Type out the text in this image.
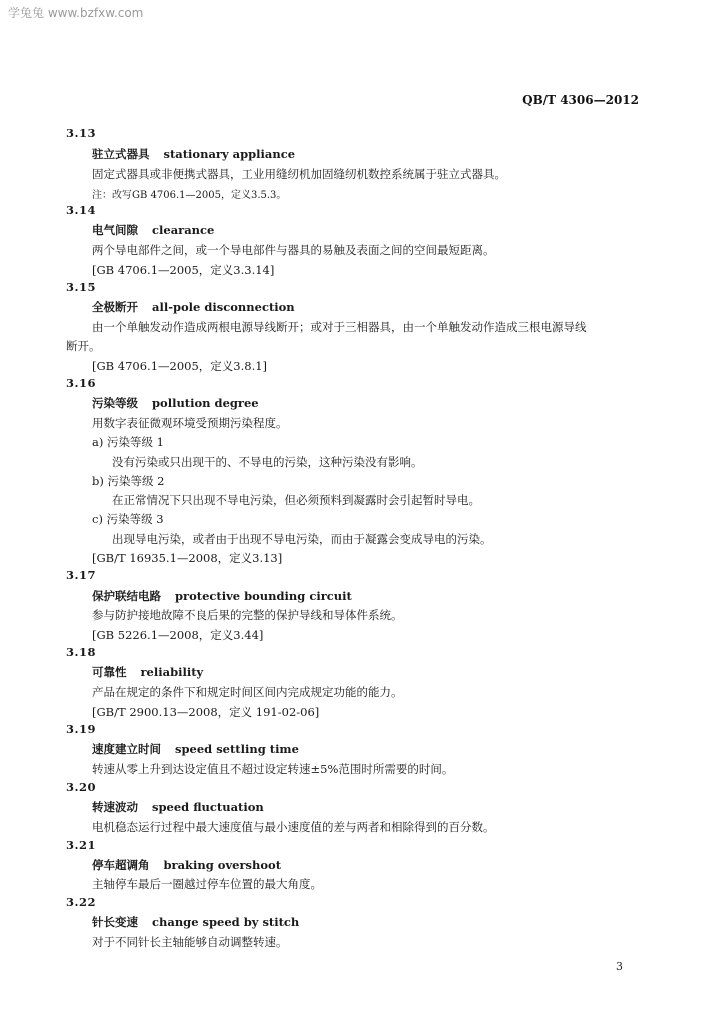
学兔兔 www.bzfxw.com
QB/T 4306—2012
3.13
驻立式器具 stationary appliance
固定式器具或非便携式器具，工业用缝纫机加固缝纫机数控系统属于驻立式器具。
注：改写GB 4706.1—2005，定义3.5.3。
3.14
电气间隙 clearance
两个导电部件之间，或一个导电部件与器具的易触及表面之间的空间最短距离。
[GB 4706.1—2005，定义3.3.14]
3.15
全极断开 all-pole disconnection
由一个单触发动作造成两根电源导线断开；或对于三相器具，由一个单触发动作造成三根电源导线
断开。
[GB 4706.1—2005，定义3.8.1]
3.16
污染等级 pollution degree
用数字表征微观环境受预期污染程度。
a) 污染等级 1
没有污染或只出现干的、不导电的污染，这种污染没有影响。
b) 污染等级 2
在正常情况下只出现不导电污染，但必须预料到凝露时会引起暂时导电。
c) 污染等级 3
出现导电污染，或者由于出现不导电污染，而由于凝露会变成导电的污染。
[GB/T 16935.1—2008，定义3.13]
3.17
保护联结电路 protective bounding circuit
参与防护接地故障不良后果的完整的保护导线和导体件系统。
[GB 5226.1—2008，定义3.44]
3.18
可靠性 reliability
产品在规定的条件下和规定时间区间内完成规定功能的能力。
[GB/T 2900.13—2008，定义 191-02-06]
3.19
速度建立时间 speed settling time
转速从零上升到达设定值且不超过设定转速±5%范围时所需要的时间。
3.20
转速波动 speed fluctuation
电机稳态运行过程中最大速度值与最小速度值的差与两者和相除得到的百分数。
3.21
停车超调角 braking overshoot
主轴停车最后一圈越过停车位置的最大角度。
3.22
针长变速 change speed by stitch
对于不同针长主轴能够自动调整转速。
3
